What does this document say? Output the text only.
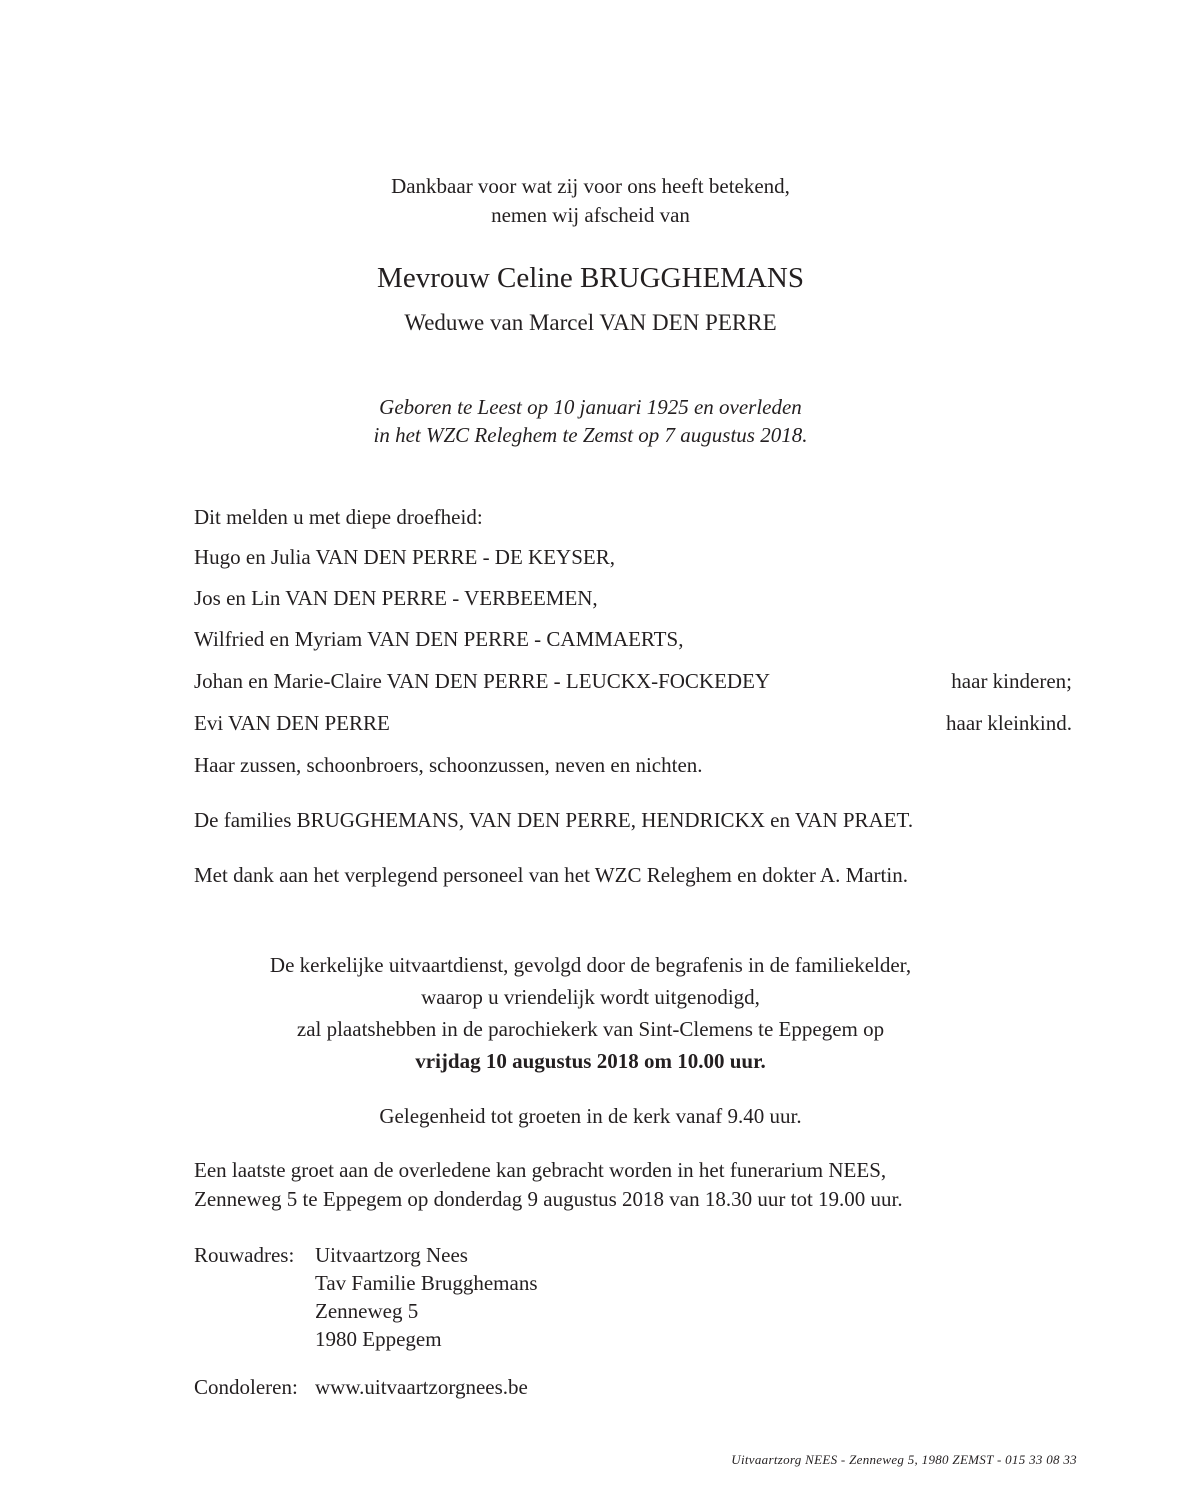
Dankbaar voor wat zij voor ons heeft betekend,
nemen wij afscheid van
Mevrouw Celine BRUGGHEMANS
Weduwe van Marcel VAN DEN PERRE
Geboren te Leest op 10 januari 1925 en overleden
in het WZC Releghem te Zemst op 7 augustus 2018.
Dit melden u met diepe droefheid:
Hugo en Julia VAN DEN PERRE - DE KEYSER,
Jos en Lin VAN DEN PERRE - VERBEEMEN,
Wilfried en Myriam VAN DEN PERRE - CAMMAERTS,
Johan en Marie-Claire VAN DEN PERRE - LEUCKX-FOCKEDEY	haar kinderen;
Evi VAN DEN PERRE	haar kleinkind.
Haar zussen, schoonbroers, schoonzussen, neven en nichten.
De families BRUGGHEMANS, VAN DEN PERRE, HENDRICKX en VAN PRAET.
Met dank aan het verplegend personeel van het WZC Releghem en dokter A. Martin.
De kerkelijke uitvaartdienst, gevolgd door de begrafenis in de familiekelder,
waarop u vriendelijk wordt uitgenodigd,
zal plaatshebben in de parochiekerk van Sint-Clemens te Eppegem op
vrijdag 10 augustus 2018 om 10.00 uur.
Gelegenheid tot groeten in de kerk vanaf 9.40 uur.
Een laatste groet aan de overledene kan gebracht worden in het funerarium NEES,
Zenneweg 5 te Eppegem op donderdag 9 augustus 2018 van 18.30 uur tot 19.00 uur.
Rouwadres: Uitvaartzorg Nees
Tav Familie Brugghemans
Zenneweg 5
1980 Eppegem
Condoleren: www.uitvaartzorgnees.be
Uitvaartzorg NEES - Zenneweg 5, 1980 ZEMST - 015 33 08 33
